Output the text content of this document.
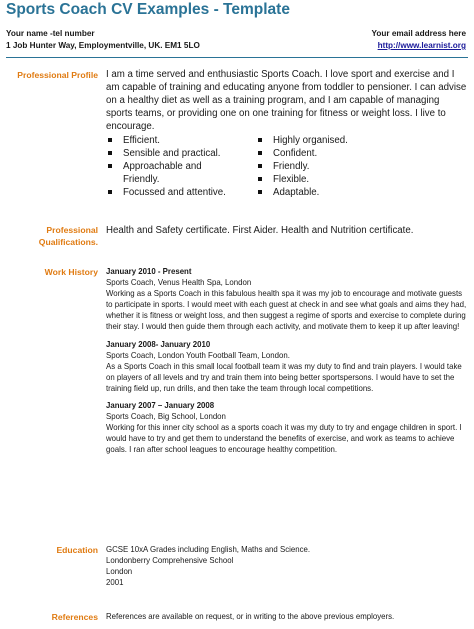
Sports Coach CV Examples - Template
Your name -tel number
1 Job Hunter Way, Employmentville, UK. EM1 5LO
Your email address here
http://www.learnist.org
Professional Profile I am a time served and enthusiastic Sports Coach. I love sport and exercise and I am capable of training and educating anyone from toddler to pensioner. I can advise on a healthy diet as well as a training program, and I am capable of managing sports teams, or providing one on one training for fitness or weight loss. I live to encourage.
Efficient.
Sensible and practical.
Approachable and Friendly.
Focussed and attentive.
Highly organised.
Confident.
Friendly.
Flexible.
Adaptable.
Professional
Qualifications.
Health and Safety certificate. First Aider. Health and Nutrition certificate.
Work History January 2010 - Present
Sports Coach, Venus Health Spa, London
Working as a Sports Coach in this fabulous health spa it was my job to encourage and motivate guests to participate in sports. I would meet with each guest at check in and see what goals and aims they had, whether it is fitness or weight loss, and then suggest a regime of sports and exercise to complete during their stay. I would then guide them through each activity, and motivate them to keep it up after leaving!
January 2008- January 2010
Sports Coach, London Youth Football Team, London.
As a Sports Coach in this small local football team it was my duty to find and train players. I would take on players of all levels and try and train them into being better sportspersons. I would have to set the training field up, run drills, and then take the team through local competitions.
January 2007 – January 2008
Sports Coach, Big School, London
Working for this inner city school as a sports coach it was my duty to try and engage children in sport. I would have to try and get them to understand the benefits of exercise, and work as teams to achieve goals. I ran after school leagues to encourage healthy competition.
Education GCSE 10xA Grades including English, Maths and Science.
Londonberry Comprehensive School
London
2001
References References are available on request, or in writing to the above previous employers.
